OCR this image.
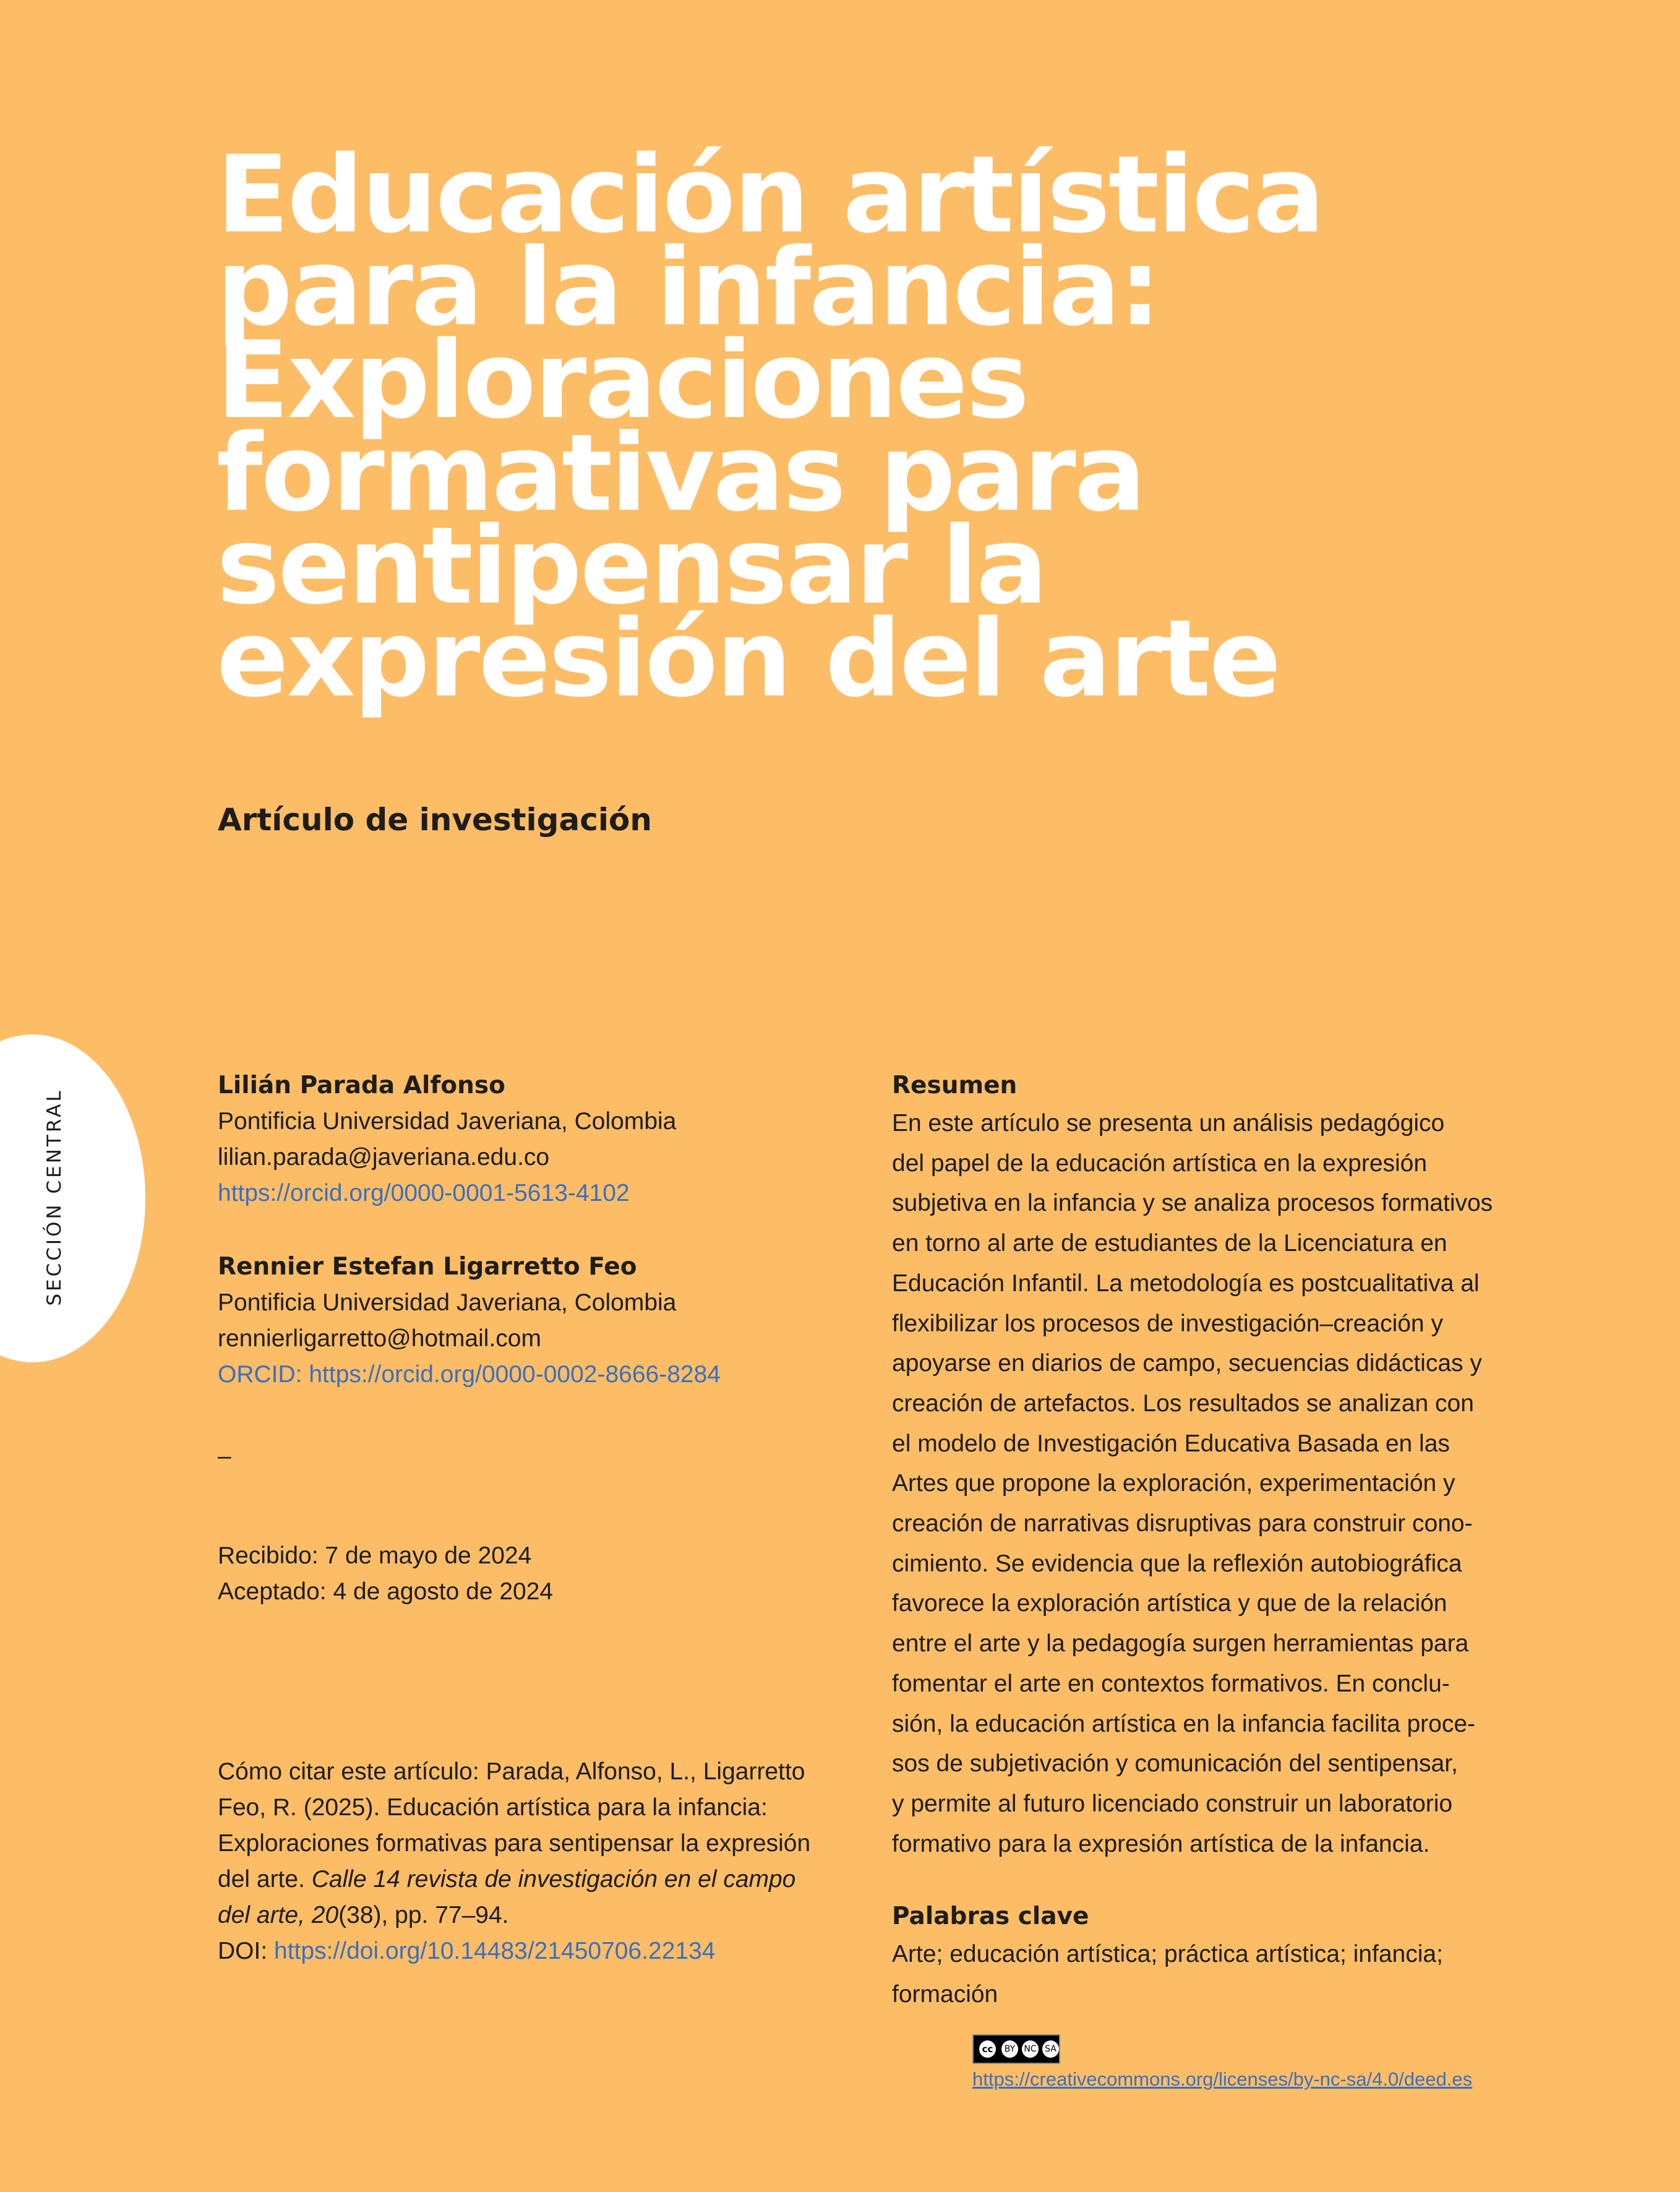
Educación artística
para la infancia:
Exploraciones
formativas para
sentipensar la
expresión del arte

Artículo de investigación

SECCIÓN CENTRAL

Lilián Parada Alfonso

Pontificia Universidad Javeriana, Colombia

lilian.parada@javeriana.edu.co

https://orcid.org/0000-0001-5613-4102

Rennier Estefan Ligarretto Feo

Pontificia Universidad Javeriana, Colombia

rennierligarretto@hotmail.com

ORCID: https://orcid.org/0000-0002-8666-8284

–

Recibido: 7 de mayo de 2024

Aceptado: 4 de agosto de 2024

Cómo citar este artículo: Parada, Alfonso, L., Ligarretto
Feo, R. (2025). Educación artística para la infancia:
Exploraciones formativas para sentipensar la expresión
del arte. Calle 14 revista de investigación en el campo
del arte, 20(38), pp. 77–94.
DOI: https://doi.org/10.14483/21450706.22134

Resumen

En este artículo se presenta un análisis pedagógico
del papel de la educación artística en la expresión
subjetiva en la infancia y se analiza procesos formativos
en torno al arte de estudiantes de la Licenciatura en
Educación Infantil. La metodología es postcualitativa al
flexibilizar los procesos de investigación–creación y
apoyarse en diarios de campo, secuencias didácticas y
creación de artefactos. Los resultados se analizan con
el modelo de Investigación Educativa Basada en las
Artes que propone la exploración, experimentación y
creación de narrativas disruptivas para construir cono-
cimiento. Se evidencia que la reflexión autobiográfica
favorece la exploración artística y que de la relación
entre el arte y la pedagogía surgen herramientas para
fomentar el arte en contextos formativos. En conclu-
sión, la educación artística en la infancia facilita proce-
sos de subjetivación y comunicación del sentipensar,
y permite al futuro licenciado construir un laboratorio
formativo para la expresión artística de la infancia.

Palabras clave

Arte; educación artística; práctica artística; infancia;
formación

cc	BY	NC SA
https://creativecommons.org/licenses/by-nc-sa/4.0/deed.es
